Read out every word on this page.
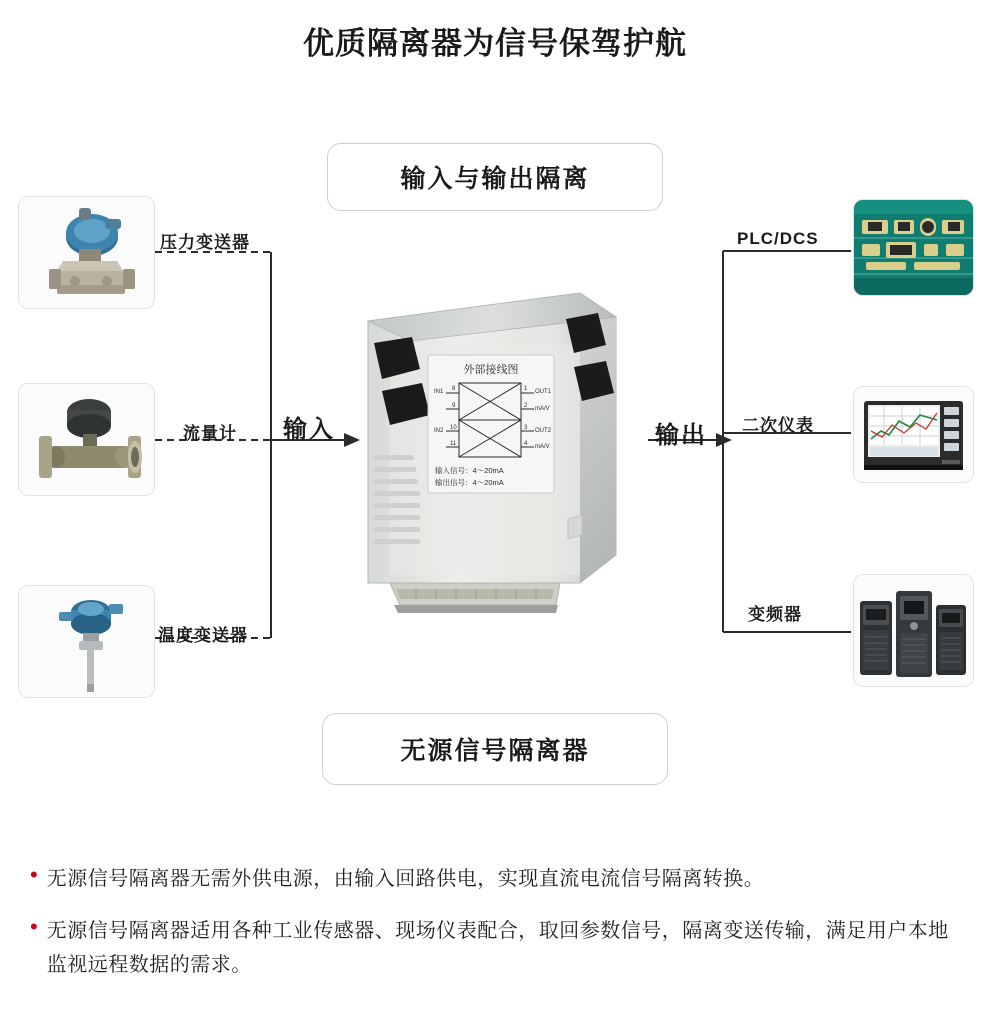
优质隔离器为信号保驾护航
输入与输出隔离
无源信号隔离器
压力变送器
流量计
温度变送器
PLC/DCS
二次仪表
变频器
输入	输出
外部接线图
IN1 8
9
IN2 10
11
1 OUT1
2 mA/V
3 OUT2
4 mA/V
输入信号：4～20mA
输出信号：4～20mA
• 无源信号隔离器无需外供电源，由输入回路供电，实现直流电流信号隔离转换。
• 无源信号隔离器适用各种工业传感器、现场仪表配合，取回参数信号，隔离变送传输，满足用户本地监视远程数据的需求。
